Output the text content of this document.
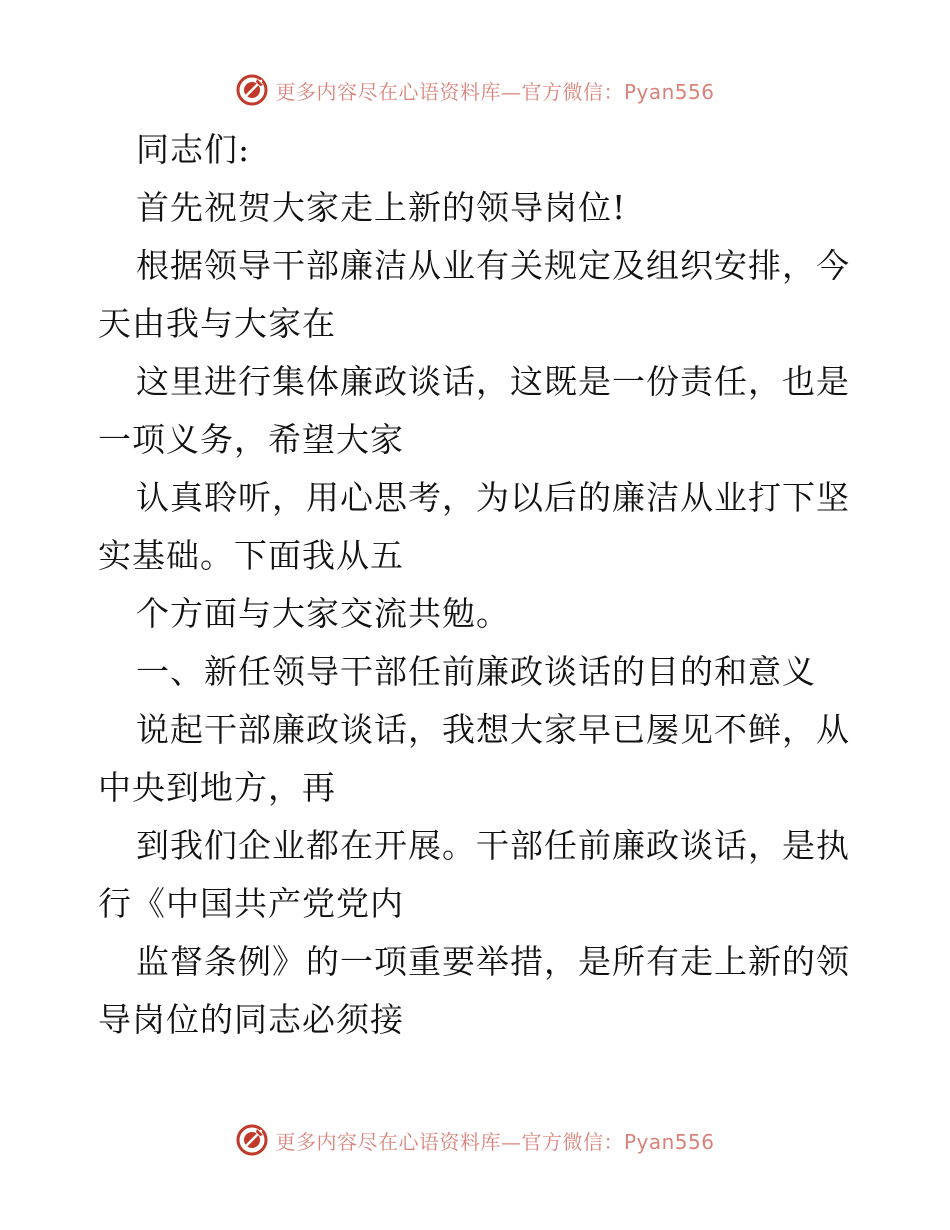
更多内容尽在心语资料库—官方微信：Pyan556
同志们:
首先祝贺大家走上新的领导岗位!
根据领导干部廉洁从业有关规定及组织安排，今
天由我与大家在
这里进行集体廉政谈话，这既是一份责任，也是
一项义务，希望大家
认真聆听，用心思考，为以后的廉洁从业打下坚
实基础。下面我从五
个方面与大家交流共勉。
一、新任领导干部任前廉政谈话的目的和意义
说起干部廉政谈话，我想大家早已屡见不鲜，从
中央到地方，再
到我们企业都在开展。干部任前廉政谈话，是执
行《中国共产党党内
监督条例》的一项重要举措，是所有走上新的领
导岗位的同志必须接
更多内容尽在心语资料库—官方微信：Pyan556
